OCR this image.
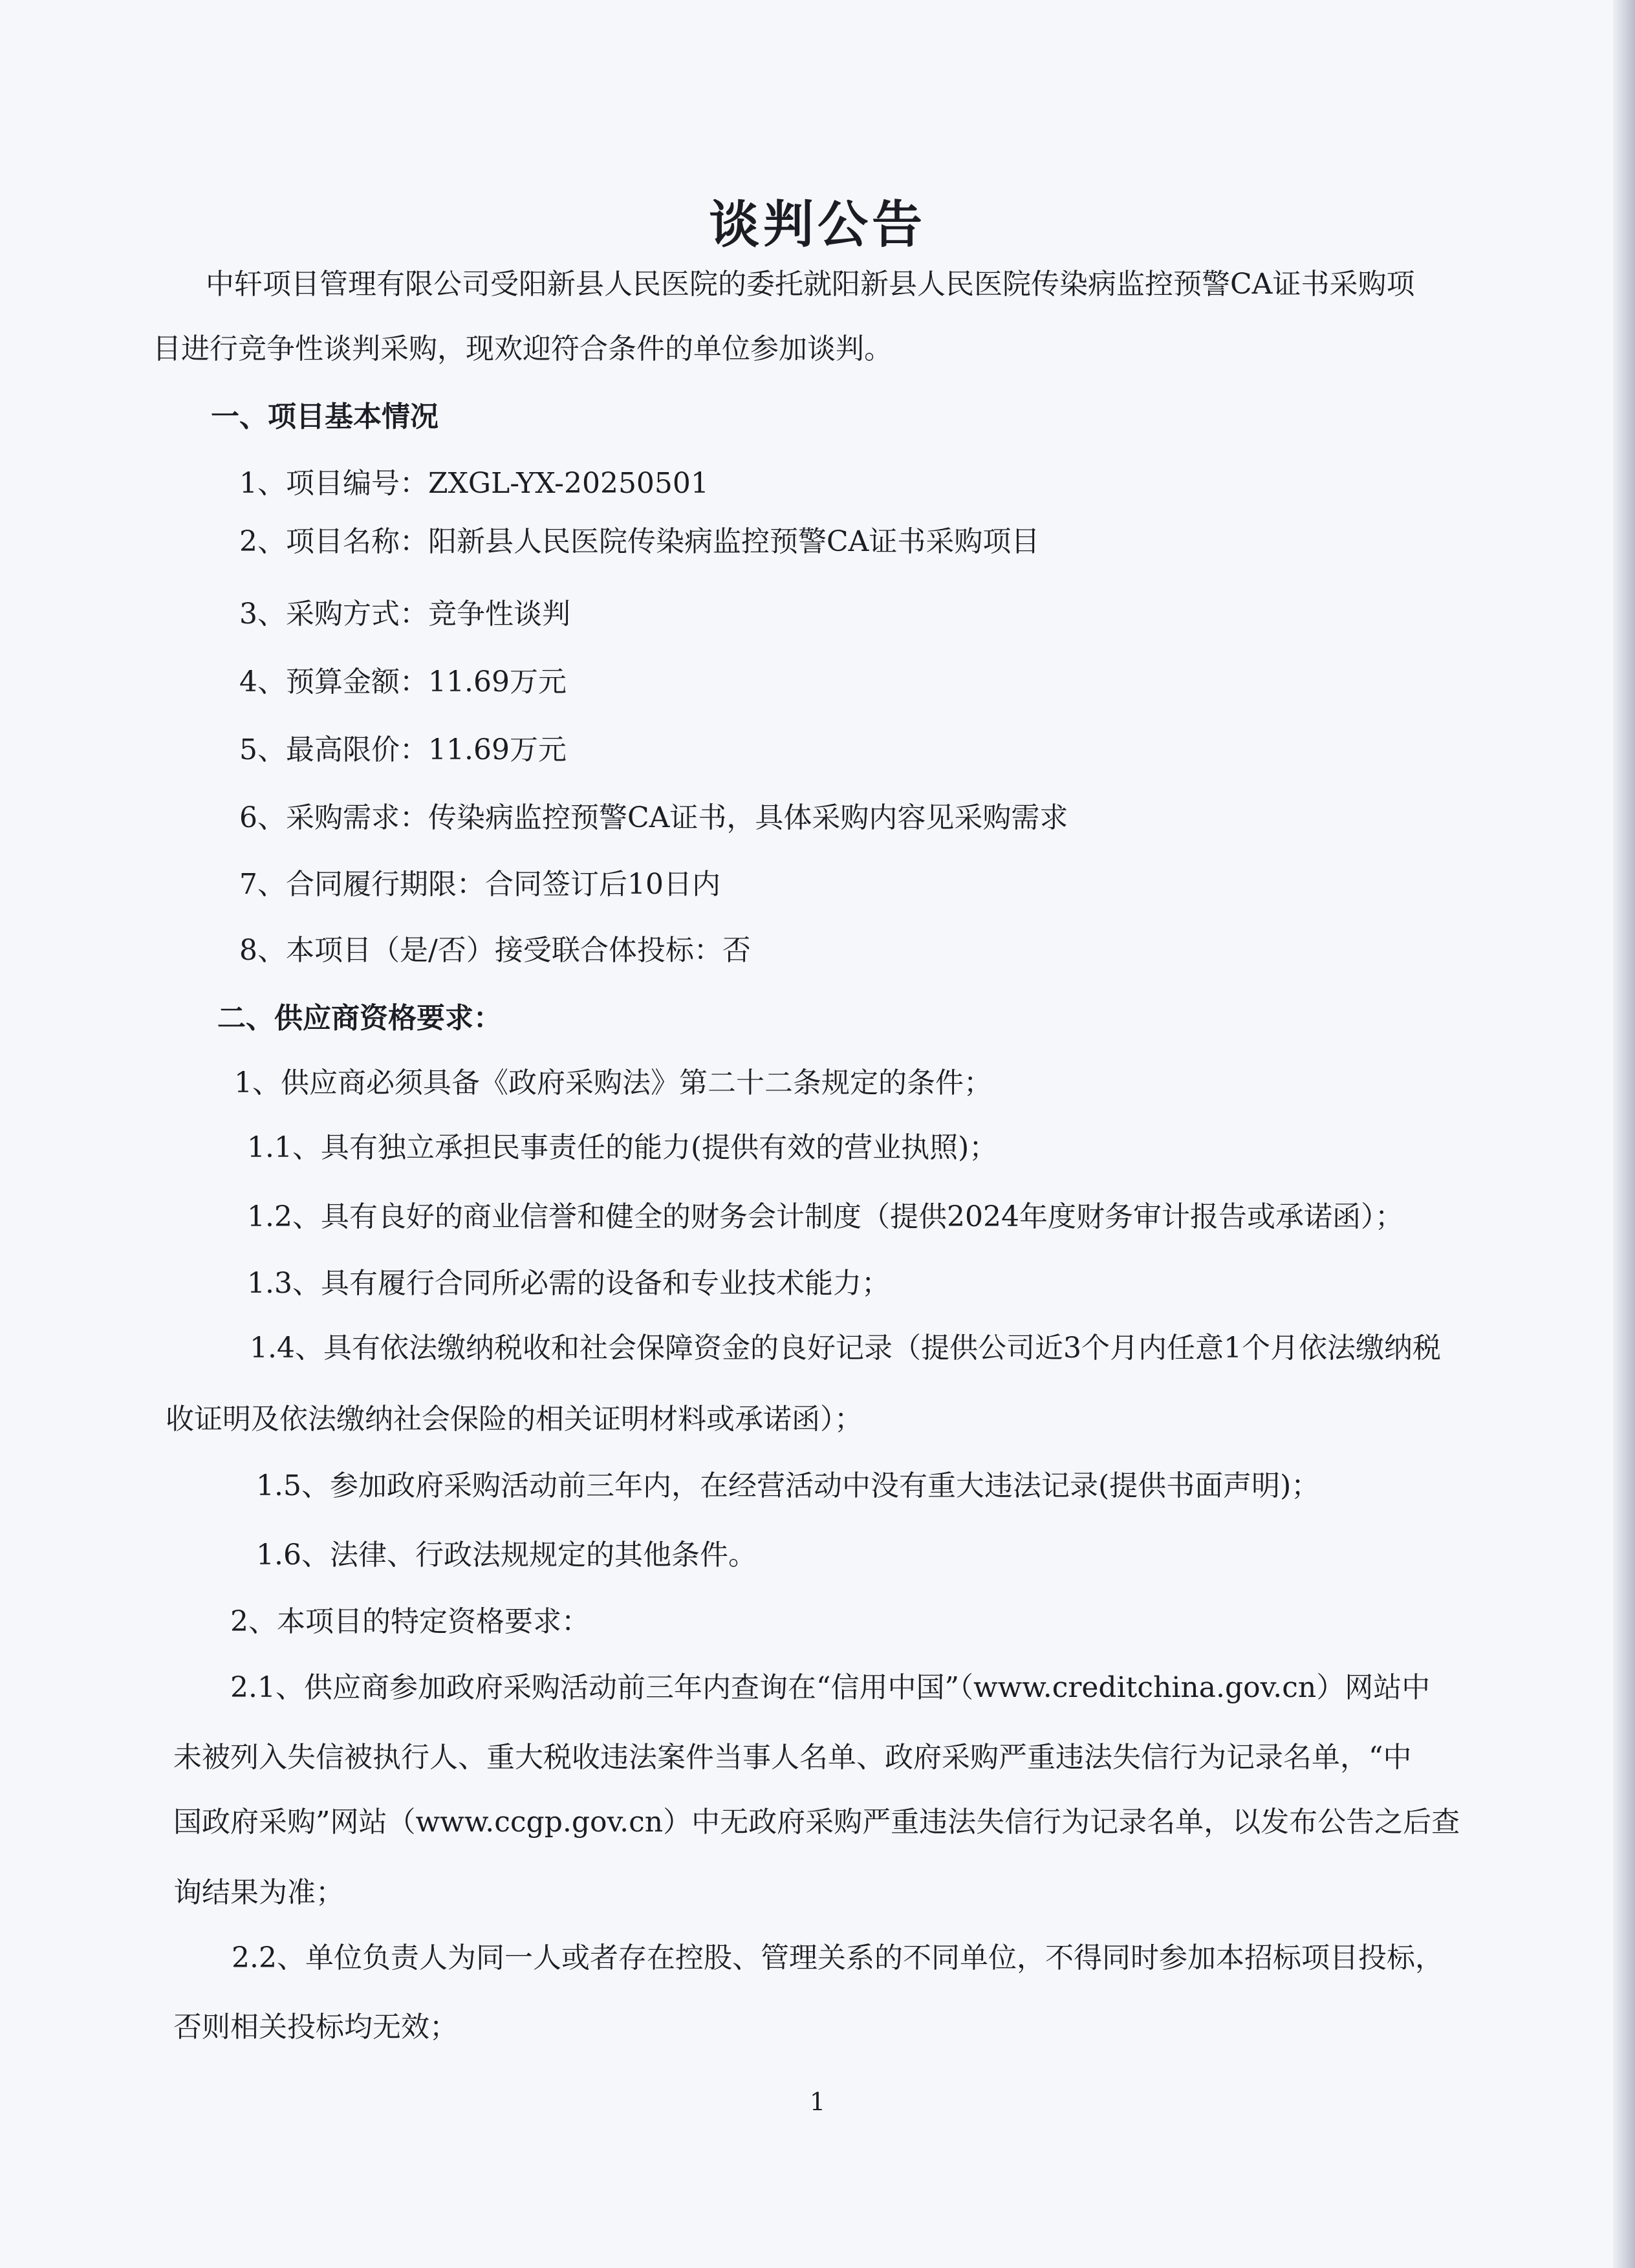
谈判公告
中轩项目管理有限公司受阳新县人民医院的委托就阳新县人民医院传染病监控预警CA证书采购项
目进行竞争性谈判采购，现欢迎符合条件的单位参加谈判。
一、项目基本情况
1、项目编号：ZXGL-YX-20250501
2、项目名称：阳新县人民医院传染病监控预警CA证书采购项目
3、采购方式：竞争性谈判
4、预算金额：11.69万元
5、最高限价：11.69万元
6、采购需求：传染病监控预警CA证书，具体采购内容见采购需求
7、合同履行期限：合同签订后10日内
8、本项目（是/否）接受联合体投标：否
二、供应商资格要求：
1、供应商必须具备《政府采购法》第二十二条规定的条件；
1.1、具有独立承担民事责任的能力(提供有效的营业执照)；
1.2、具有良好的商业信誉和健全的财务会计制度（提供2024年度财务审计报告或承诺函）；
1.3、具有履行合同所必需的设备和专业技术能力；
1.4、具有依法缴纳税收和社会保障资金的良好记录（提供公司近3个月内任意1个月依法缴纳税
收证明及依法缴纳社会保险的相关证明材料或承诺函）；
1.5、参加政府采购活动前三年内，在经营活动中没有重大违法记录(提供书面声明)；
1.6、法律、行政法规规定的其他条件。
2、本项目的特定资格要求：
2.1、供应商参加政府采购活动前三年内查询在“信用中国”（www.creditchina.gov.cn）网站中
未被列入失信被执行人、重大税收违法案件当事人名单、政府采购严重违法失信行为记录名单，“中
国政府采购”网站（www.ccgp.gov.cn）中无政府采购严重违法失信行为记录名单，以发布公告之后查
询结果为准；
2.2、单位负责人为同一人或者存在控股、管理关系的不同单位，不得同时参加本招标项目投标，
否则相关投标均无效；
1
